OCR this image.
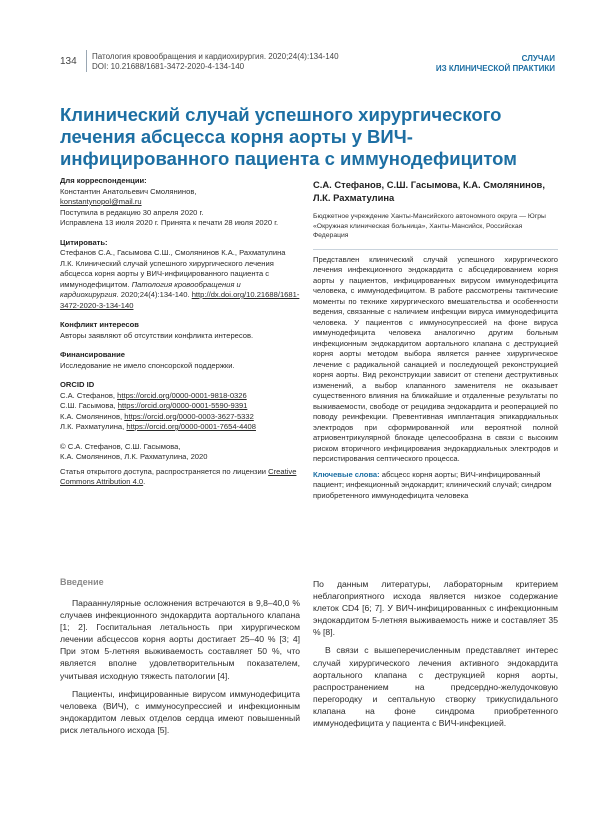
134 Патология кровообращения и кардиохирургия. 2020;24(4):134-140
DOI: 10.21688/1681-3472-2020-4-134-140
СЛУЧАИ
ИЗ КЛИНИЧЕСКОЙ ПРАКТИКИ
Клинический случай успешного хирургического лечения абсцесса корня аорты у ВИЧ-инфицированного пациента с иммунодефицитом
Для корреспонденции:
Константин Анатольевич Смолянинов,
konstantynopol@mail.ru
Поступила в редакцию 30 апреля 2020 г.
Исправлена 13 июля 2020 г. Принята к печати 28 июля 2020 г.
Цитировать:
Стефанов С.А., Гасымова С.Ш., Смолянинов К.А., Рахматулина Л.К. Клинический случай успешного хирургического лечения абсцесса корня аорты у ВИЧ-инфицированного пациента с иммунодефицитом. Патология кровообращения и кардиохирургия. 2020;24(4):134-140. http://dx.doi.org/10.21688/1681-3472-2020-3-134-140
Конфликт интересов
Авторы заявляют об отсутствии конфликта интересов.
Финансирование
Исследование не имело спонсорской поддержки.
ORCID ID
С.А. Стефанов, https://orcid.org/0000-0001-9818-0326
С.Ш. Гасымова, https://orcid.org/0000-0001-5590-9391
К.А. Смолянинов, https://orcid.org/0000-0003-3627-5332
Л.К. Рахматулина, https://orcid.org/0000-0001-7654-4408
© С.А. Стефанов, С.Ш. Гасымова,
К.А. Смолянинов, Л.К. Рахматулина, 2020
Статья открытого доступа, распространяется по лицензии Creative Commons Attribution 4.0.
С.А. Стефанов, С.Ш. Гасымова, К.А. Смолянинов, Л.К. Рахматулина
Бюджетное учреждение Ханты-Мансийского автономного округа — Югры «Окружная клиническая больница», Ханты-Мансийск, Российская Федерация
Представлен клинический случай успешного хирургического лечения инфекционного эндокардита с абсцедированием корня аорты у пациентов, инфицированных вирусом иммунодефицита человека, с иммунодефицитом. В работе рассмотрены тактические моменты по технике хирургического вмешательства и особенности ведения, связанные с наличием инфекции вируса иммунодефицита человека. У пациентов с иммуносупрессией на фоне вируса иммунодефицита человека аналогично другим больным инфекционным эндокардитом аортального клапана с деструкцией корня аорты методом выбора является раннее хирургическое лечение с радикальной санацией и последующей реконструкцией корня аорты. Вид реконструкции зависит от степени деструктивных изменений, а выбор клапанного заменителя не оказывает существенного влияния на ближайшие и отдаленные результаты по выживаемости, свободе от рецидива эндокардита и реоперацией по поводу реинфекции. Превентивная имплантация эпикардиальных электродов при сформированной или вероятной полной атриовентрикулярной блокаде целесообразна в связи с высоким риском вторичного инфицирования эндокардиальных электродов и персистирования септического процесса.
Ключевые слова: абсцесс корня аорты; ВИЧ-инфицированный пациент; инфекционный эндокардит; клинический случай; синдром приобретенного иммунодефицита человека
Введение

Парааннулярные осложнения встречаются в 9,8–40,0 % случаев инфекционного эндокардита аортального клапана [1; 2]. Госпитальная летальность при хирургическом лечении абсцессов корня аорты достигает 25–40 % [3; 4] При этом 5-летняя выживаемость составляет 50 %, что является вполне удовлетворительным показателем, учитывая исходную тяжесть патологии [4].

Пациенты, инфицированные вирусом иммунодефицита человека (ВИЧ), с иммуносупрессией и инфекционным эндокардитом левых отделов сердца имеют повышенный риск летального исхода [5].

По данным литературы, лабораторным критерием неблагоприятного исхода является низкое содержание клеток CD4 [6; 7]. У ВИЧ-инфицированных с инфекционным эндокардитом 5-летняя выживаемость ниже и составляет 35 % [8].

В связи с вышеперечисленным представляет интерес случай хирургического лечения активного эндокардита аортального клапана с деструкцией корня аорты, распространением на предсердно-желудочковую перегородку и септальную створку трикуспидального клапана на фоне синдрома приобретенного иммунодефицита у пациента с ВИЧ-инфекцией.
